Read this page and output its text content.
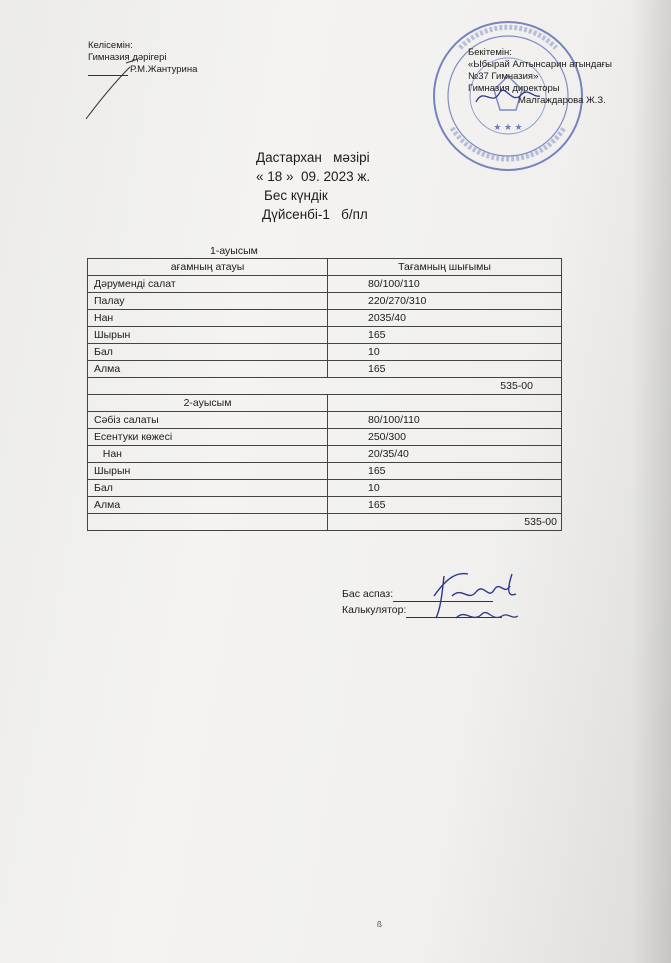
Келісемін:
Гимназия дәрігері
Р.М.Жантурина
★ ★ ★
Бекітемін:
«Ыбырай Алтынсарин атындағы
№37 Гимназия»
Гимназия директоры
Малгаждарова Ж.З.
Дастархан   мәзірі
« 18 »  09. 2023 ж.
Бес күндік
Дүйсенбі-1   б/пл
1-ауысым
ағамның атауы	Тағамның шығымы
Дәрумендi салат	80/100/110
Палау	220/270/310
Нан	2035/40
Шырын	165
Бал	10
Алма	165
	535-00
2-ауысым	
Сәбіз салаты	80/100/110
Есентуки көжесі	250/300
Нан	20/35/40
Шырын	165
Бал	10
Алма	165
	535-00
Бас аспаз:
Калькулятор:
ß
